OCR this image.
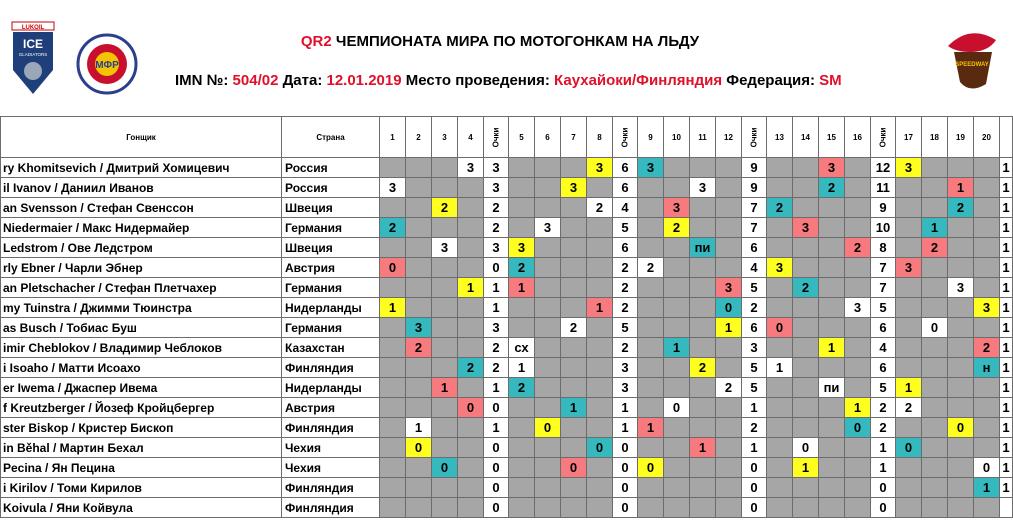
LUKOIL
ICE
GLADIATORS
МФР	SPEEDWAY
QR2 ЧЕМПИОНАТА МИРА ПО МОТОГОНКАМ НА ЛЬДУ
IMN №: 504/02 Дата: 12.01.2019 Место проведения: Каухайоки/Финляндия Федерация: SM
Гонщик	Страна	1	2	3	4	Очки	5	6	7	8	Очки	9	10	11	12	Очки	13	14	15	16	Очки	17	18	19	20	
ry Khomitsevich / Дмитрий Хомицевич	Россия				3	3				3	6	3				9			3		12	3				1
il Ivanov / Даниил Иванов	Россия	3				3			3		6			3		9			2		11			1		1
an Svensson / Стефан Свенссон	Швеция			2		2				2	4		3			7	2				9			2		1
Niedermaier / Макс Нидермайер	Германия	2				2		3			5		2			7		3			10		1			1
Ledstrom / Ове Ледстром	Швеция			3		3	3				6			пи		6				2	8		2			1
rly Ebner / Чарли Эбнер	Австрия	0				0	2				2	2				4	3				7	3				1
an Pletschacher / Стефан Плетчахер	Германия				1	1	1				2				3	5		2			7			3		1
my Tuinstra / Джимми Тюинстра	Нидерланды	1				1				1	2				0	2				3	5				3	1
as Busch / Тобиас Буш	Германия		3			3			2		5				1	6	0				6		0			1
imir Cheblokov / Владимир Чеблоков	Казахстан		2			2	сх				2		1			3			1		4				2	1
i Isoaho / Матти Исоахо	Финляндия				2	2	1				3			2		5	1				6				н	1
er Iwema / Джаспер Ивема	Нидерланды			1		1	2				3				2	5			пи		5	1				1
f Kreutzberger / Йозеф Кройцбергер	Австрия				0	0			1		1		0			1				1	2	2				1
ster Biskop / Кристер Бископ	Финляндия		1			1		0			1	1				2				0	2			0		1
in Běhal / Мартин Бехал	Чехия		0			0				0	0			1		1		0			1	0				1
Pecina / Ян Пецина	Чехия			0		0			0		0	0				0		1			1				0	1
i Kirilov / Томи Кирилов	Финляндия					0					0					0					0				1	1
Koivula / Яни Койвула	Финляндия					0					0					0					0					
